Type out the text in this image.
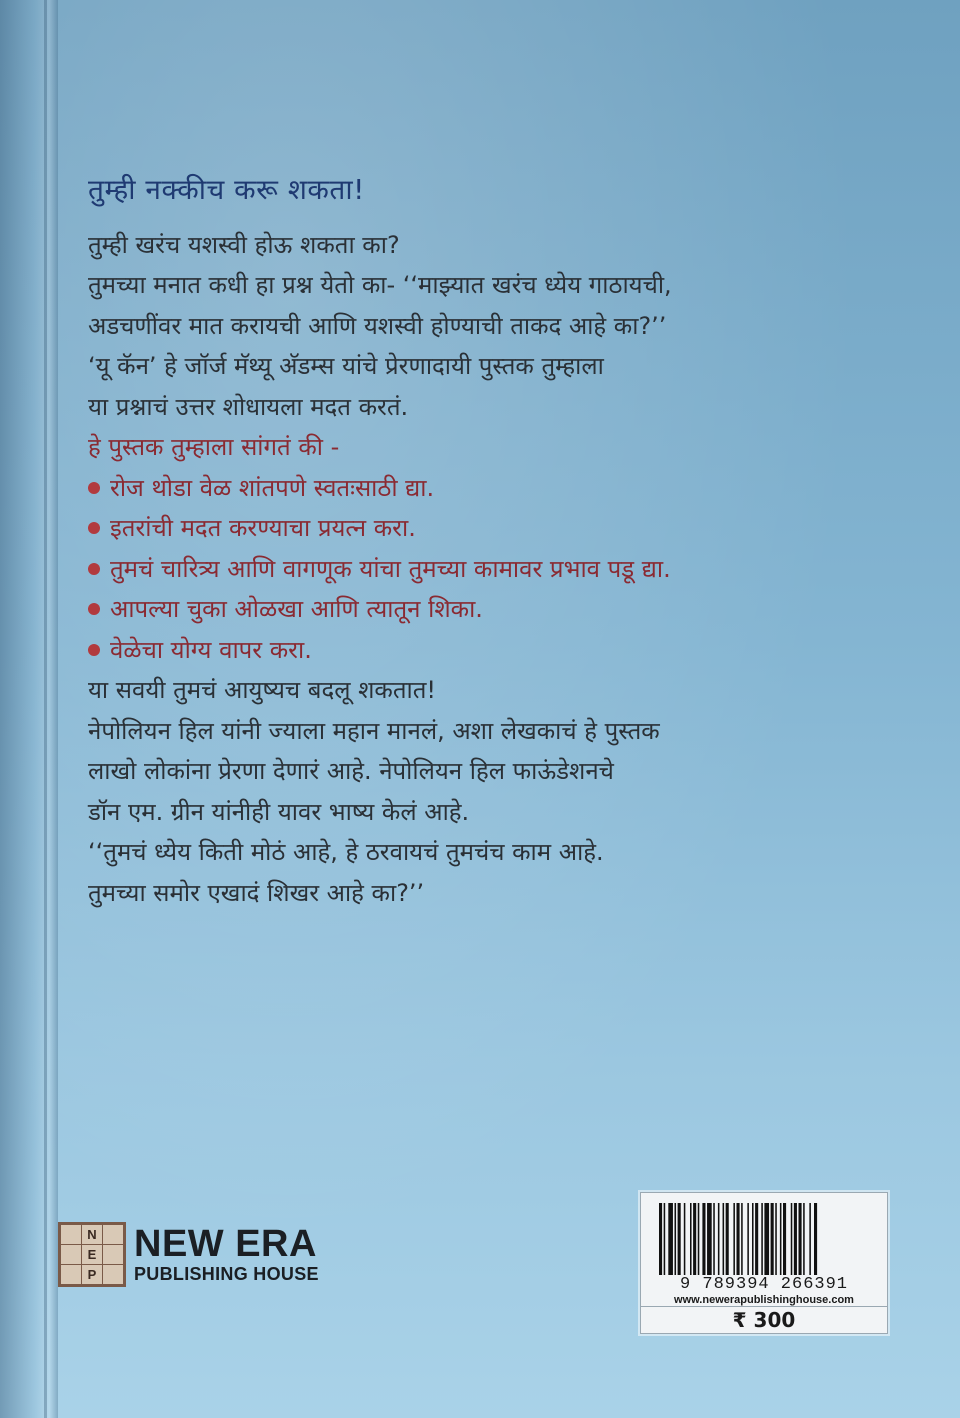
तुम्ही नक्कीच करू शकता!

तुम्ही खरंच यशस्वी होऊ शकता का?

तुमच्या मनात कधी हा प्रश्न येतो का- ‘‘माझ्यात खरंच ध्येय गाठायची,

अडचणींवर मात करायची आणि यशस्वी होण्याची ताकद आहे का?’’

‘यू कॅन’ हे जॉर्ज मॅथ्यू अ‍ॅडम्स यांचे प्रेरणादायी पुस्तक तुम्हाला

या प्रश्नाचं उत्तर शोधायला मदत करतं.

हे पुस्तक तुम्हाला सांगतं की -

रोज थोडा वेळ शांतपणे स्वतःसाठी द्या.
इतरांची मदत करण्याचा प्रयत्न करा.
तुमचं चारित्र्य आणि वागणूक यांचा तुमच्या कामावर प्रभाव पडू द्या.
आपल्या चुका ओळखा आणि त्यातून शिका.
वेळेचा योग्य वापर करा.

या सवयी तुमचं आयुष्यच बदलू शकतात!

नेपोलियन हिल यांनी ज्याला महान मानलं, अशा लेखकाचं हे पुस्तक

लाखो लोकांना प्रेरणा देणारं आहे. नेपोलियन हिल फाऊंडेशनचे

डॉन एम. ग्रीन यांनीही यावर भाष्य केलं आहे.

‘‘तुमचं ध्येय किती मोठं आहे, हे ठरवायचं तुमचंच काम आहे.

तुमच्या समोर एखादं शिखर आहे का?’’

N
E
P
NEW ERA
PUBLISHING HOUSE
9 789394 266391
www.newerapublishinghouse.com
₹ 300
